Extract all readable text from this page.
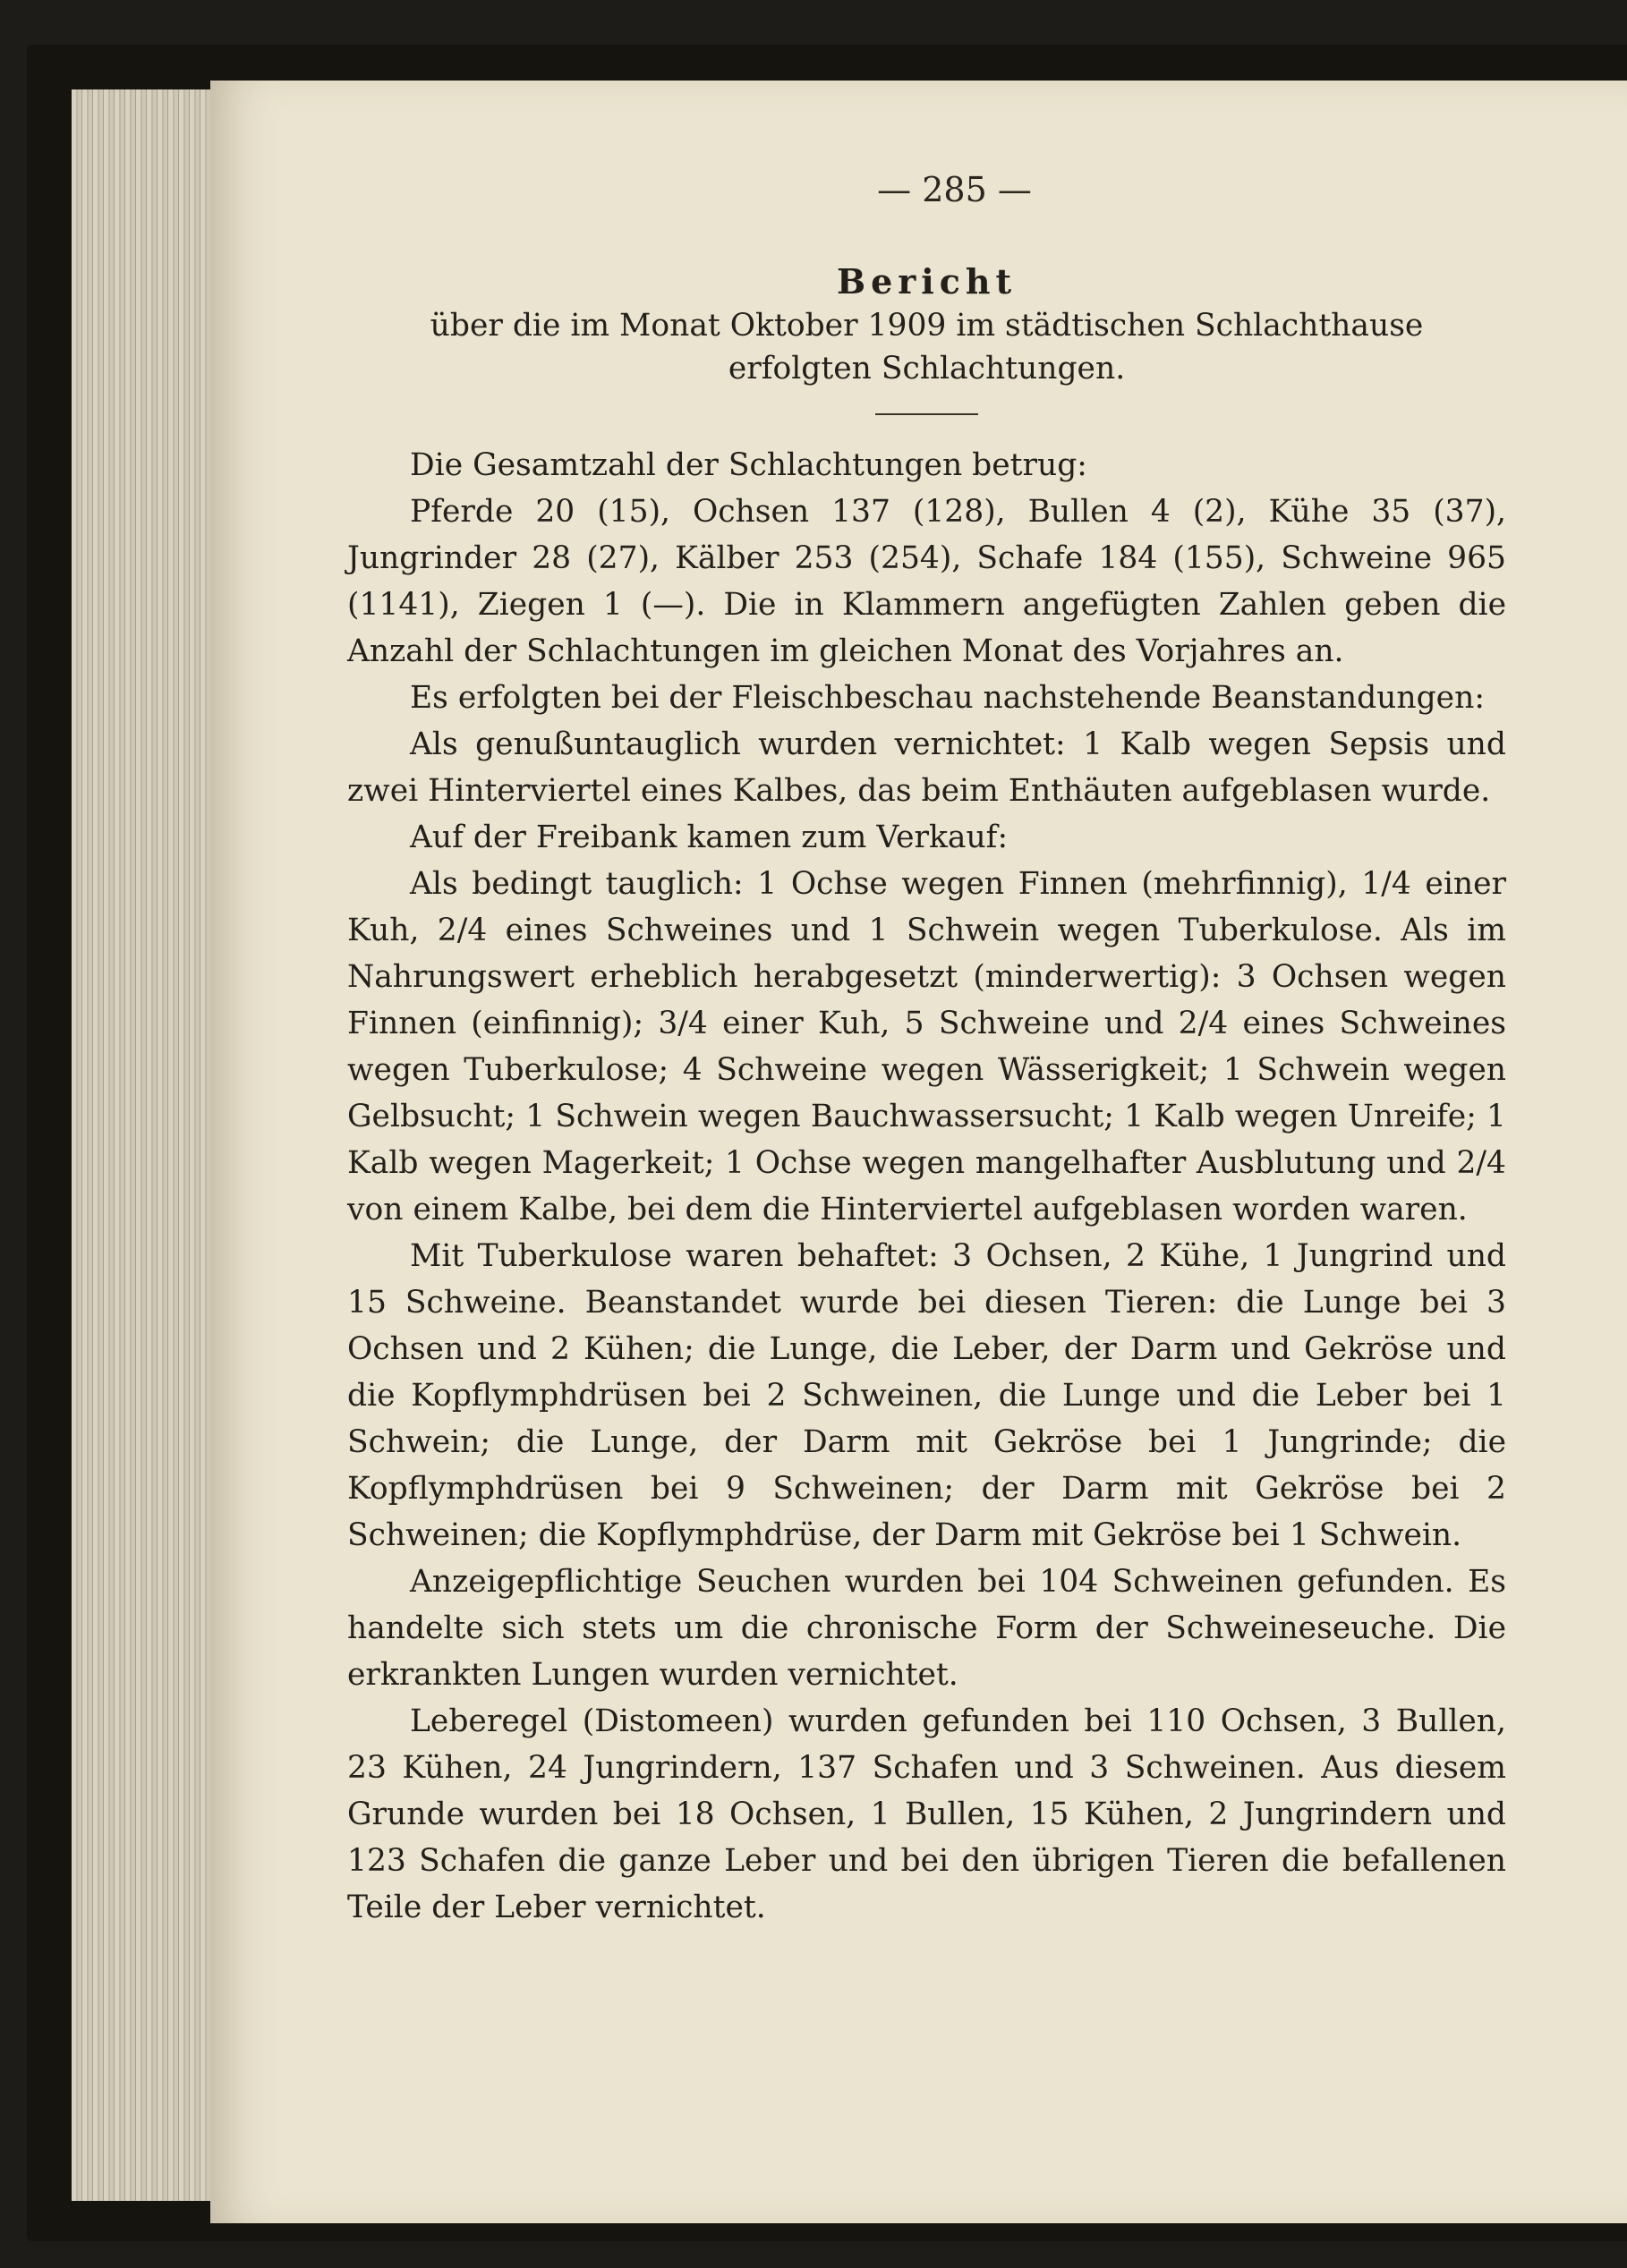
— 285 —
Bericht
über die im Monat Oktober 1909 im städtischen Schlachthause erfolgten Schlachtungen.

Die Gesamtzahl der Schlachtungen betrug:

Pferde 20 (15), Ochsen 137 (128), Bullen 4 (2), Kühe 35 (37), Jungrinder 28 (27), Kälber 253 (254), Schafe 184 (155), Schweine 965 (1141), Ziegen 1 (—). Die in Klammern angefügten Zahlen geben die Anzahl der Schlachtungen im gleichen Monat des Vorjahres an.

Es erfolgten bei der Fleischbeschau nachstehende Beanstandungen:

Als genußuntauglich wurden vernichtet: 1 Kalb wegen Sepsis und zwei Hinterviertel eines Kalbes, das beim Enthäuten aufgeblasen wurde.

Auf der Freibank kamen zum Verkauf:

Als bedingt tauglich: 1 Ochse wegen Finnen (mehrfinnig), 1/4 einer Kuh, 2/4 eines Schweines und 1 Schwein wegen Tuberkulose. Als im Nahrungswert erheblich herabgesetzt (minderwertig): 3 Ochsen wegen Finnen (einfinnig); 3/4 einer Kuh, 5 Schweine und 2/4 eines Schweines wegen Tuberkulose; 4 Schweine wegen Wässerigkeit; 1 Schwein wegen Gelbsucht; 1 Schwein wegen Bauchwassersucht; 1 Kalb wegen Unreife; 1 Kalb wegen Magerkeit; 1 Ochse wegen mangelhafter Ausblutung und 2/4 von einem Kalbe, bei dem die Hinterviertel aufgeblasen worden waren.

Mit Tuberkulose waren behaftet: 3 Ochsen, 2 Kühe, 1 Jungrind und 15 Schweine. Beanstandet wurde bei diesen Tieren: die Lunge bei 3 Ochsen und 2 Kühen; die Lunge, die Leber, der Darm und Gekröse und die Kopflymphdrüsen bei 2 Schweinen, die Lunge und die Leber bei 1 Schwein; die Lunge, der Darm mit Gekröse bei 1 Jungrinde; die Kopflymphdrüsen bei 9 Schweinen; der Darm mit Gekröse bei 2 Schweinen; die Kopflymphdrüse, der Darm mit Gekröse bei 1 Schwein.

Anzeigepflichtige Seuchen wurden bei 104 Schweinen gefunden. Es handelte sich stets um die chronische Form der Schweineseuche. Die erkrankten Lungen wurden vernichtet.

Leberegel (Distomeen) wurden gefunden bei 110 Ochsen, 3 Bullen, 23 Kühen, 24 Jungrindern, 137 Schafen und 3 Schweinen. Aus diesem Grunde wurden bei 18 Ochsen, 1 Bullen, 15 Kühen, 2 Jungrindern und 123 Schafen die ganze Leber und bei den übrigen Tieren die befallenen Teile der Leber vernichtet.
